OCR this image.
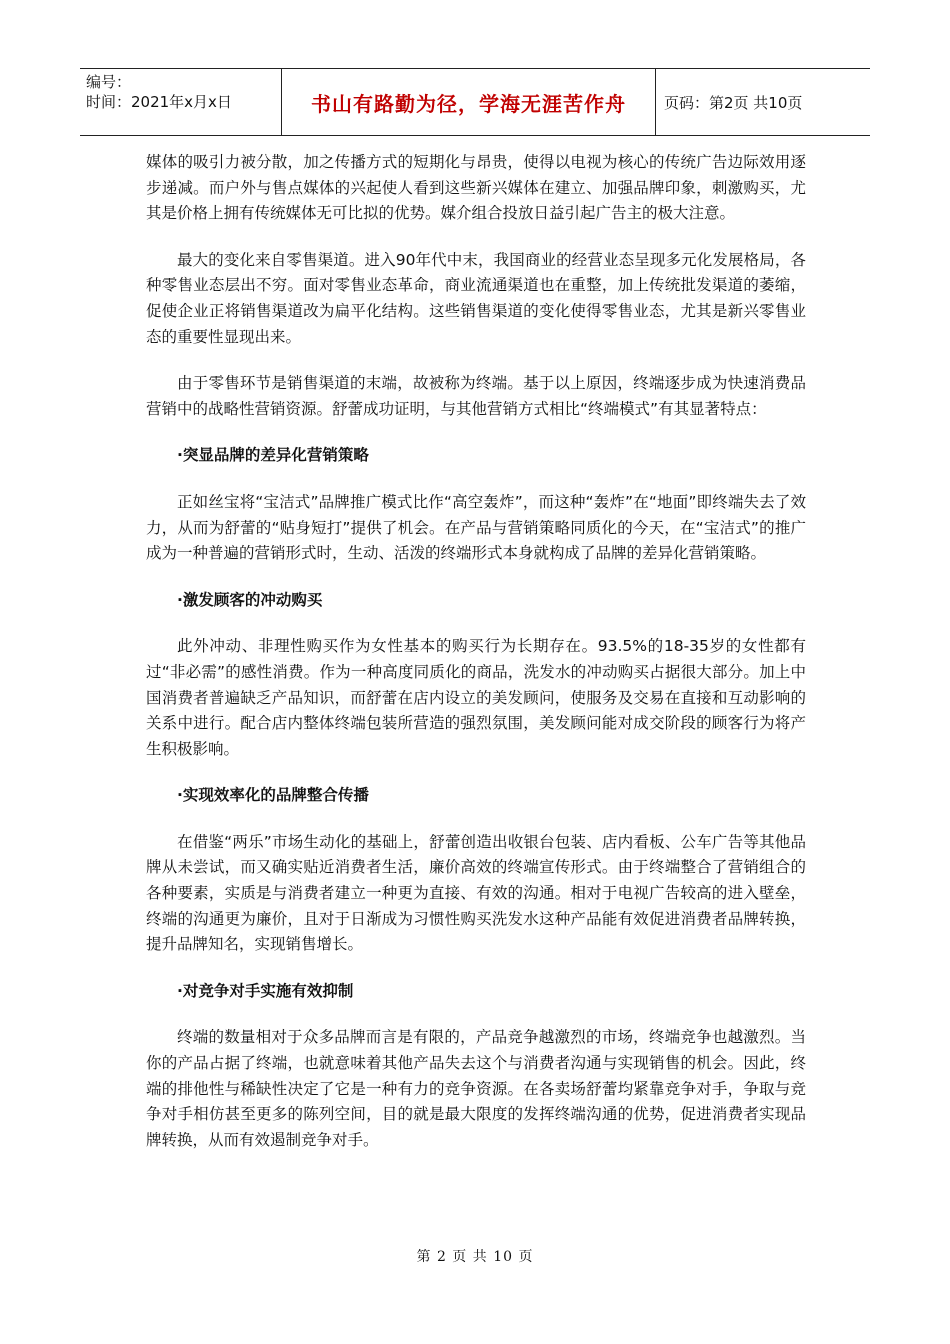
编号：
时间：2021年x月x日	书山有路勤为径，学海无涯苦作舟	页码：第2页 共10页

媒体的吸引力被分散，加之传播方式的短期化与昂贵，使得以电视为核心的传统广告边际效用逐步递减。而户外与售点媒体的兴起使人看到这些新兴媒体在建立、加强品牌印象，刺激购买，尤其是价格上拥有传统媒体无可比拟的优势。媒介组合投放日益引起广告主的极大注意。

最大的变化来自零售渠道。进入90年代中末，我国商业的经营业态呈现多元化发展格局，各种零售业态层出不穷。面对零售业态革命，商业流通渠道也在重整，加上传统批发渠道的萎缩，促使企业正将销售渠道改为扁平化结构。这些销售渠道的变化使得零售业态，尤其是新兴零售业态的重要性显现出来。

由于零售环节是销售渠道的末端，故被称为终端。基于以上原因，终端逐步成为快速消费品营销中的战略性营销资源。舒蕾成功证明，与其他营销方式相比“终端模式”有其显著特点：

·突显品牌的差异化营销策略

正如丝宝将“宝洁式”品牌推广模式比作“高空轰炸”，而这种“轰炸”在“地面”即终端失去了效力，从而为舒蕾的“贴身短打”提供了机会。在产品与营销策略同质化的今天，在“宝洁式”的推广成为一种普遍的营销形式时，生动、活泼的终端形式本身就构成了品牌的差异化营销策略。

·激发顾客的冲动购买

此外冲动、非理性购买作为女性基本的购买行为长期存在。93.5%的18-35岁的女性都有过“非必需”的感性消费。作为一种高度同质化的商品，洗发水的冲动购买占据很大部分。加上中国消费者普遍缺乏产品知识，而舒蕾在店内设立的美发顾问，使服务及交易在直接和互动影响的关系中进行。配合店内整体终端包装所营造的强烈氛围，美发顾问能对成交阶段的顾客行为将产生积极影响。

·实现效率化的品牌整合传播

在借鉴“两乐”市场生动化的基础上，舒蕾创造出收银台包装、店内看板、公车广告等其他品牌从未尝试，而又确实贴近消费者生活，廉价高效的终端宣传形式。由于终端整合了营销组合的各种要素，实质是与消费者建立一种更为直接、有效的沟通。相对于电视广告较高的进入壁垒，终端的沟通更为廉价，且对于日渐成为习惯性购买洗发水这种产品能有效促进消费者品牌转换，提升品牌知名，实现销售增长。

·对竞争对手实施有效抑制

终端的数量相对于众多品牌而言是有限的，产品竞争越激烈的市场，终端竞争也越激烈。当你的产品占据了终端，也就意味着其他产品失去这个与消费者沟通与实现销售的机会。因此，终端的排他性与稀缺性决定了它是一种有力的竞争资源。在各卖场舒蕾均紧靠竞争对手，争取与竞争对手相仿甚至更多的陈列空间，目的就是最大限度的发挥终端沟通的优势，促进消费者实现品牌转换，从而有效遏制竞争对手。

第 2 页 共 10 页
